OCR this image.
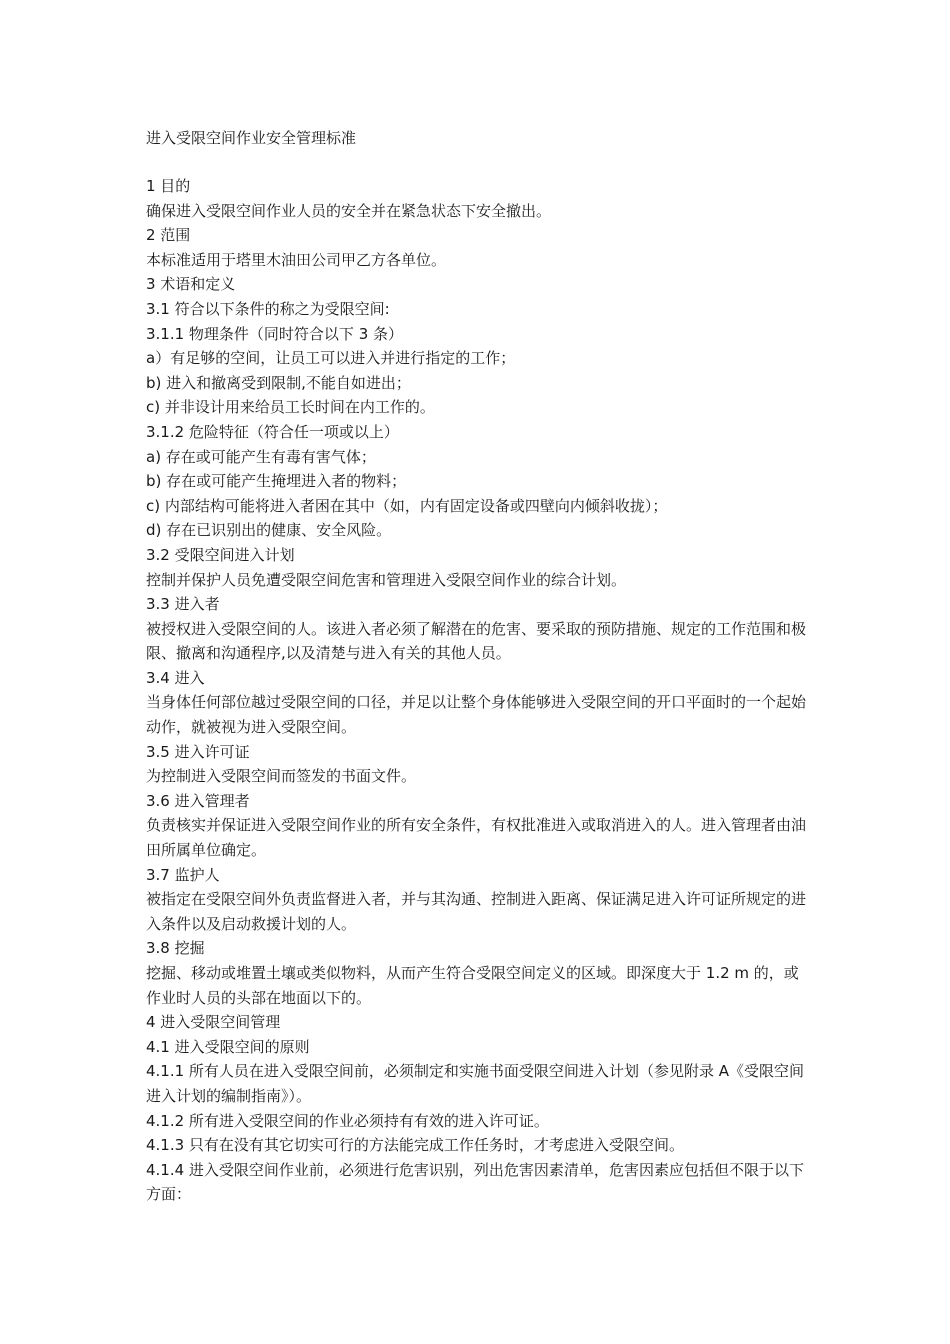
进入受限空间作业安全管理标准

1 目的

确保进入受限空间作业人员的安全并在紧急状态下安全撤出。

2 范围

本标准适用于塔里木油田公司甲乙方各单位。

3 术语和定义

3.1 符合以下条件的称之为受限空间:

3.1.1 物理条件（同时符合以下 3 条）

a）有足够的空间，让员工可以进入并进行指定的工作；

b) 进入和撤离受到限制,不能自如进出；

c) 并非设计用来给员工长时间在内工作的。

3.1.2 危险特征（符合任一项或以上）

a) 存在或可能产生有毒有害气体；

b) 存在或可能产生掩埋进入者的物料；

c) 内部结构可能将进入者困在其中（如，内有固定设备或四壁向内倾斜收拢）；

d) 存在已识别出的健康、安全风险。

3.2 受限空间进入计划

控制并保护人员免遭受限空间危害和管理进入受限空间作业的综合计划。

3.3 进入者

被授权进入受限空间的人。该进入者必须了解潜在的危害、要采取的预防措施、规定的工作范围和极限、撤离和沟通程序,以及清楚与进入有关的其他人员。

3.4 进入

当身体任何部位越过受限空间的口径，并足以让整个身体能够进入受限空间的开口平面时的一个起始动作，就被视为进入受限空间。

3.5 进入许可证

为控制进入受限空间而签发的书面文件。

3.6 进入管理者

负责核实并保证进入受限空间作业的所有安全条件，有权批准进入或取消进入的人。进入管理者由油田所属单位确定。

3.7 监护人

被指定在受限空间外负责监督进入者，并与其沟通、控制进入距离、保证满足进入许可证所规定的进入条件以及启动救援计划的人。

3.8 挖掘

挖掘、移动或堆置土壤或类似物料，从而产生符合受限空间定义的区域。即深度大于 1.2 m 的，或作业时人员的头部在地面以下的。

4 进入受限空间管理

4.1 进入受限空间的原则

4.1.1 所有人员在进入受限空间前，必须制定和实施书面受限空间进入计划（参见附录 A《受限空间进入计划的编制指南》）。

4.1.2 所有进入受限空间的作业必须持有有效的进入许可证。

4.1.3 只有在没有其它切实可行的方法能完成工作任务时，才考虑进入受限空间。

4.1.4 进入受限空间作业前，必须进行危害识别，列出危害因素清单，危害因素应包括但不限于以下方面：
